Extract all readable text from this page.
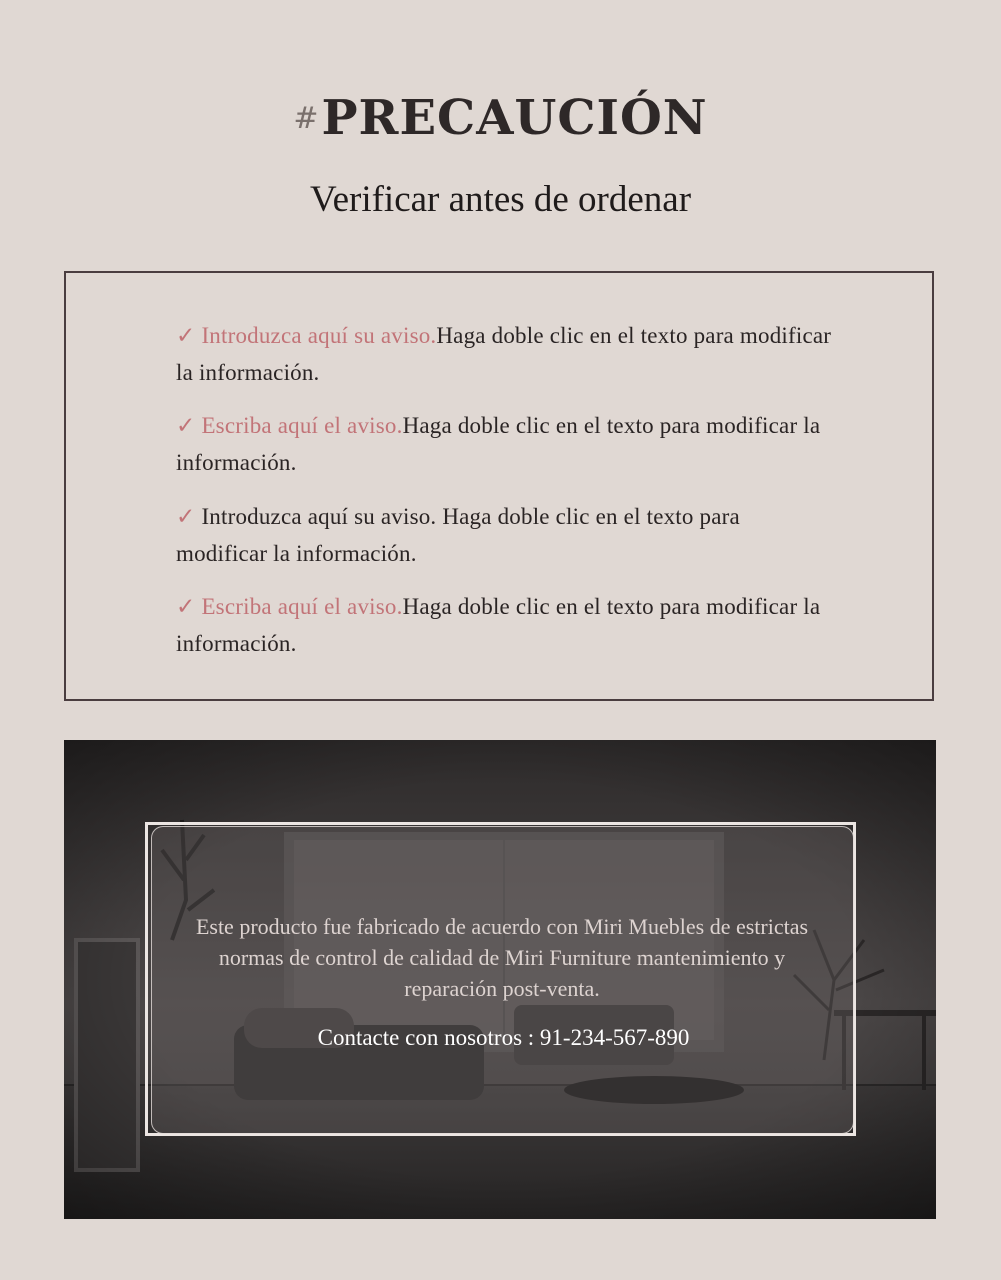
#PRECAUCIÓN
Verificar antes de ordenar
✓ Introduzca aquí su aviso.Haga doble clic en el texto para modificar la información.
✓ Escriba aquí el aviso.Haga doble clic en el texto para modificar la información.
✓ Introduzca aquí su aviso. Haga doble clic en el texto para modificar la información.
✓ Escriba aquí el aviso.Haga doble clic en el texto para modificar la información.
Este producto fue fabricado de acuerdo con Miri Muebles de estrictas normas de control de calidad de Miri Furniture mantenimiento y reparación post-venta.
Contacte con nosotros : 91-234-567-890
